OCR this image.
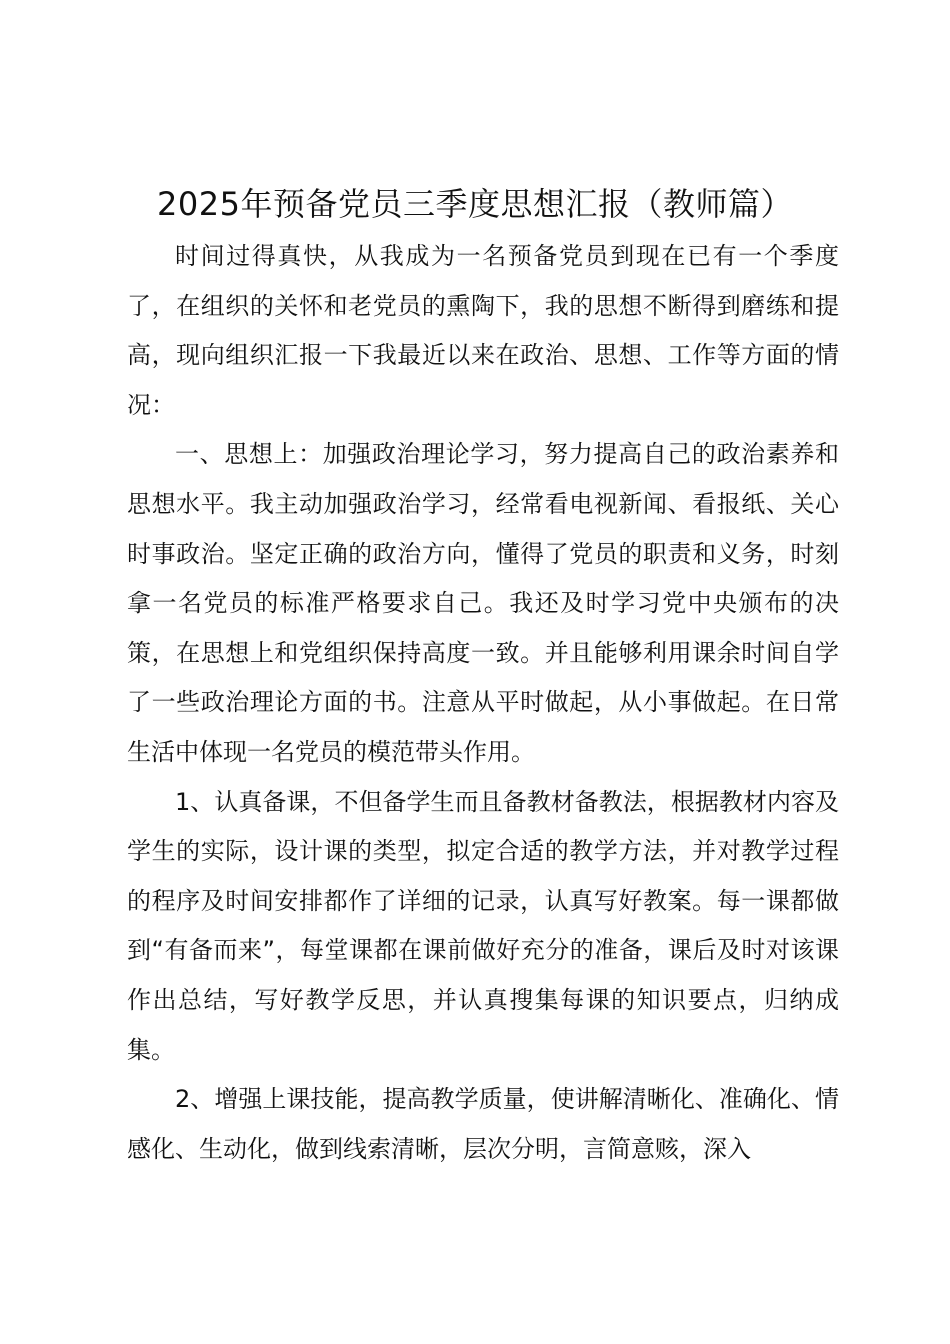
2025年预备党员三季度思想汇报（教师篇）

时间过得真快，从我成为一名预备党员到现在已有一个季度了，在组织的关怀和老党员的熏陶下，我的思想不断得到磨练和提高，现向组织汇报一下我最近以来在政治、思想、工作等方面的情况：

一、思想上：加强政治理论学习，努力提高自己的政治素养和思想水平。我主动加强政治学习，经常看电视新闻、看报纸、关心时事政治。坚定正确的政治方向，懂得了党员的职责和义务，时刻拿一名党员的标准严格要求自己。我还及时学习党中央颁布的决策，在思想上和党组织保持高度一致。并且能够利用课余时间自学了一些政治理论方面的书。注意从平时做起，从小事做起。在日常生活中体现一名党员的模范带头作用。

1、认真备课，不但备学生而且备教材备教法，根据教材内容及学生的实际，设计课的类型，拟定合适的教学方法，并对教学过程的程序及时间安排都作了详细的记录，认真写好教案。每一课都做到“有备而来”，每堂课都在课前做好充分的准备，课后及时对该课作出总结，写好教学反思，并认真搜集每课的知识要点，归纳成集。

2、增强上课技能，提高教学质量，使讲解清晰化、准确化、情感化、生动化，做到线索清晰，层次分明，言简意赅，深入
